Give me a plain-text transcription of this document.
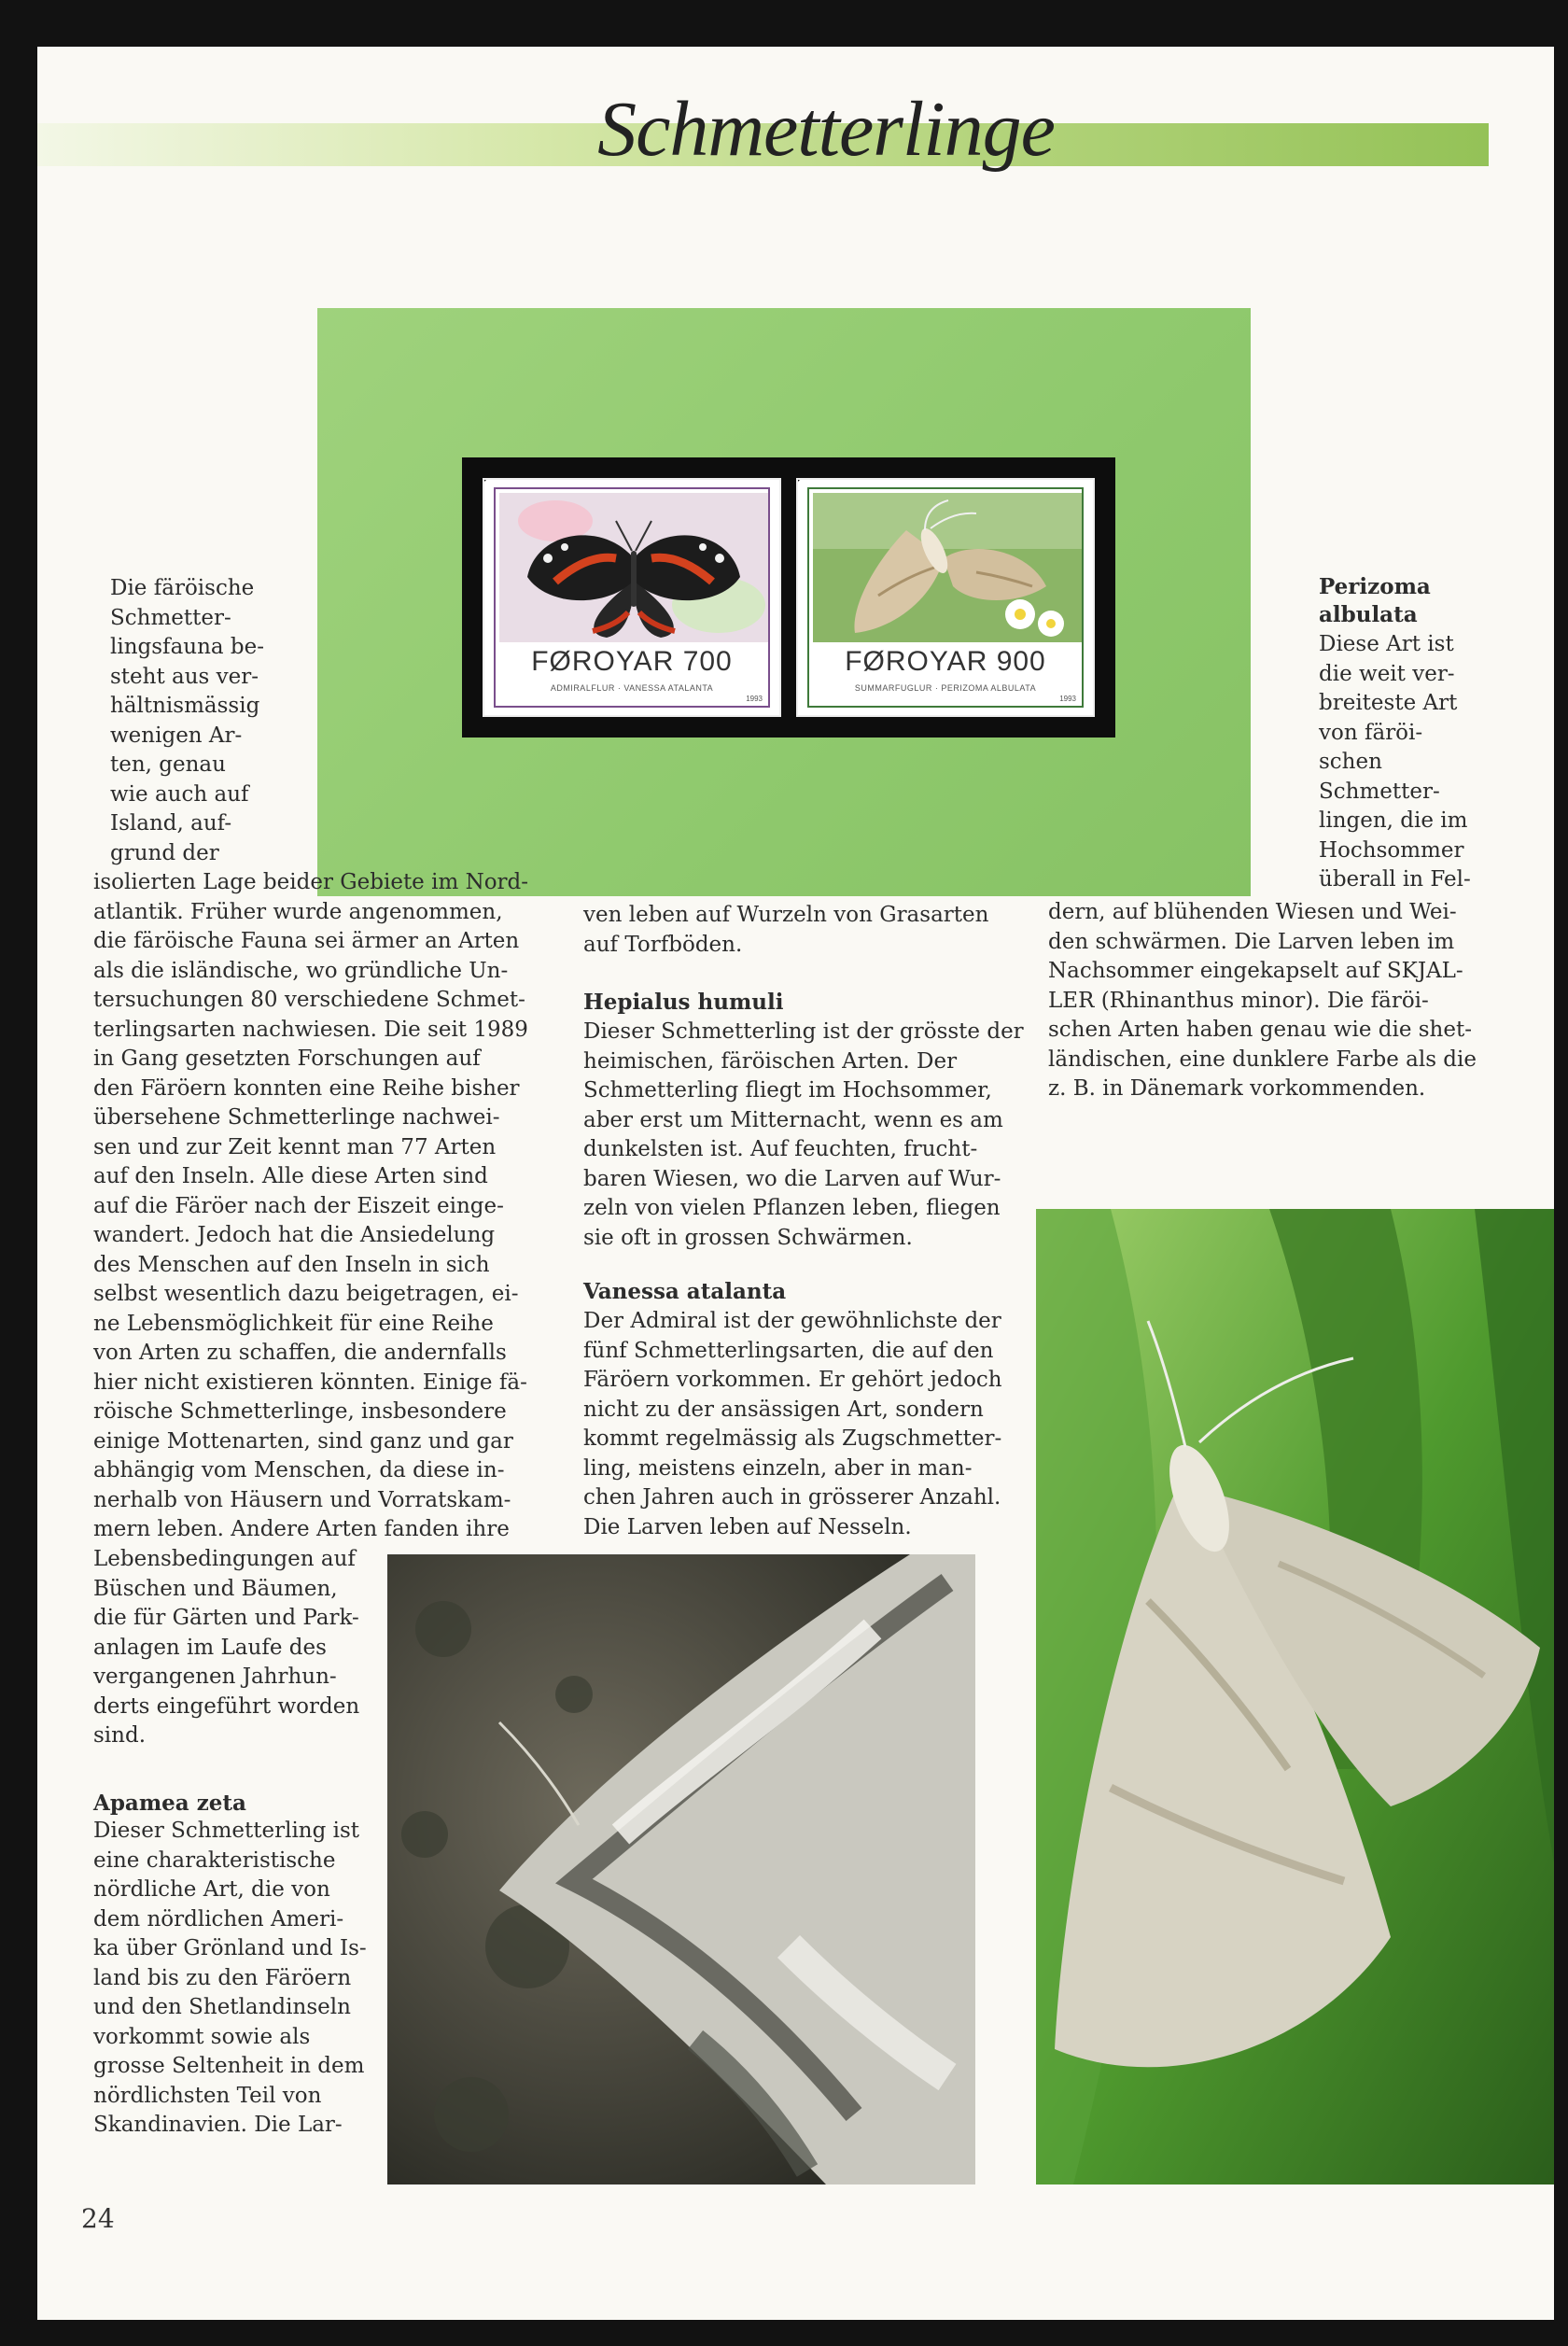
Schmetterlinge
FØROYAR 700
ADMIRALFLUR · VANESSA ATALANTA
1993
FØROYAR 900
SUMMARFUGLUR · PERIZOMA ALBULATA
1993

Die färöische
Schmetter-
lingsfauna be-
steht aus ver-
hältnismässig
wenigen Ar-
ten, genau
wie auch auf
Island, auf-
grund der

isolierten Lage beider Gebiete im Nord-
atlantik. Früher wurde angenommen,
die färöische Fauna sei ärmer an Arten
als die isländische, wo gründliche Un-
tersuchungen 80 verschiedene Schmet-
terlingsarten nachwiesen. Die seit 1989
in Gang gesetzten Forschungen auf
den Färöern konnten eine Reihe bisher
übersehene Schmetterlinge nachwei-
sen und zur Zeit kennt man 77 Arten
auf den Inseln. Alle diese Arten sind
auf die Färöer nach der Eiszeit einge-
wandert. Jedoch hat die Ansiedelung
des Menschen auf den Inseln in sich
selbst wesentlich dazu beigetragen, ei-
ne Lebensmöglichkeit für eine Reihe
von Arten zu schaffen, die andernfalls
hier nicht existieren könnten. Einige fä-
röische Schmetterlinge, insbesondere
einige Mottenarten, sind ganz und gar
abhängig vom Menschen, da diese in-
nerhalb von Häusern und Vorratskam-
mern leben. Andere Arten fanden ihre

Lebensbedingungen auf
Büschen und Bäumen,
die für Gärten und Park-
anlagen im Laufe des
vergangenen Jahrhun-
derts eingeführt worden
sind.

Apamea zeta

Dieser Schmetterling ist
eine charakteristische
nördliche Art, die von
dem nördlichen Ameri-
ka über Grönland und Is-
land bis zu den Färöern
und den Shetlandinseln
vorkommt sowie als
grosse Seltenheit in dem
nördlichsten Teil von
Skandinavien. Die Lar-

ven leben auf Wurzeln von Grasarten
auf Torfböden.

Hepialus humuli

Dieser Schmetterling ist der grösste der
heimischen, färöischen Arten. Der
Schmetterling fliegt im Hochsommer,
aber erst um Mitternacht, wenn es am
dunkelsten ist. Auf feuchten, frucht-
baren Wiesen, wo die Larven auf Wur-
zeln von vielen Pflanzen leben, fliegen
sie oft in grossen Schwärmen.

Vanessa atalanta

Der Admiral ist der gewöhnlichste der
fünf Schmetterlingsarten, die auf den
Färöern vorkommen. Er gehört jedoch
nicht zu der ansässigen Art, sondern
kommt regelmässig als Zugschmetter-
ling, meistens einzeln, aber in man-
chen Jahren auch in grösserer Anzahl.
Die Larven leben auf Nesseln.

Perizoma

albulata

Diese Art ist
die weit ver-
breiteste Art
von färöi-
schen
Schmetter-
lingen, die im
Hochsommer
überall in Fel-

dern, auf blühenden Wiesen und Wei-
den schwärmen. Die Larven leben im
Nachsommer eingekapselt auf SKJAL-
LER (Rhinanthus minor). Die färöi-
schen Arten haben genau wie die shet-
ländischen, eine dunklere Farbe als die
z. B. in Dänemark vorkommenden.

24
